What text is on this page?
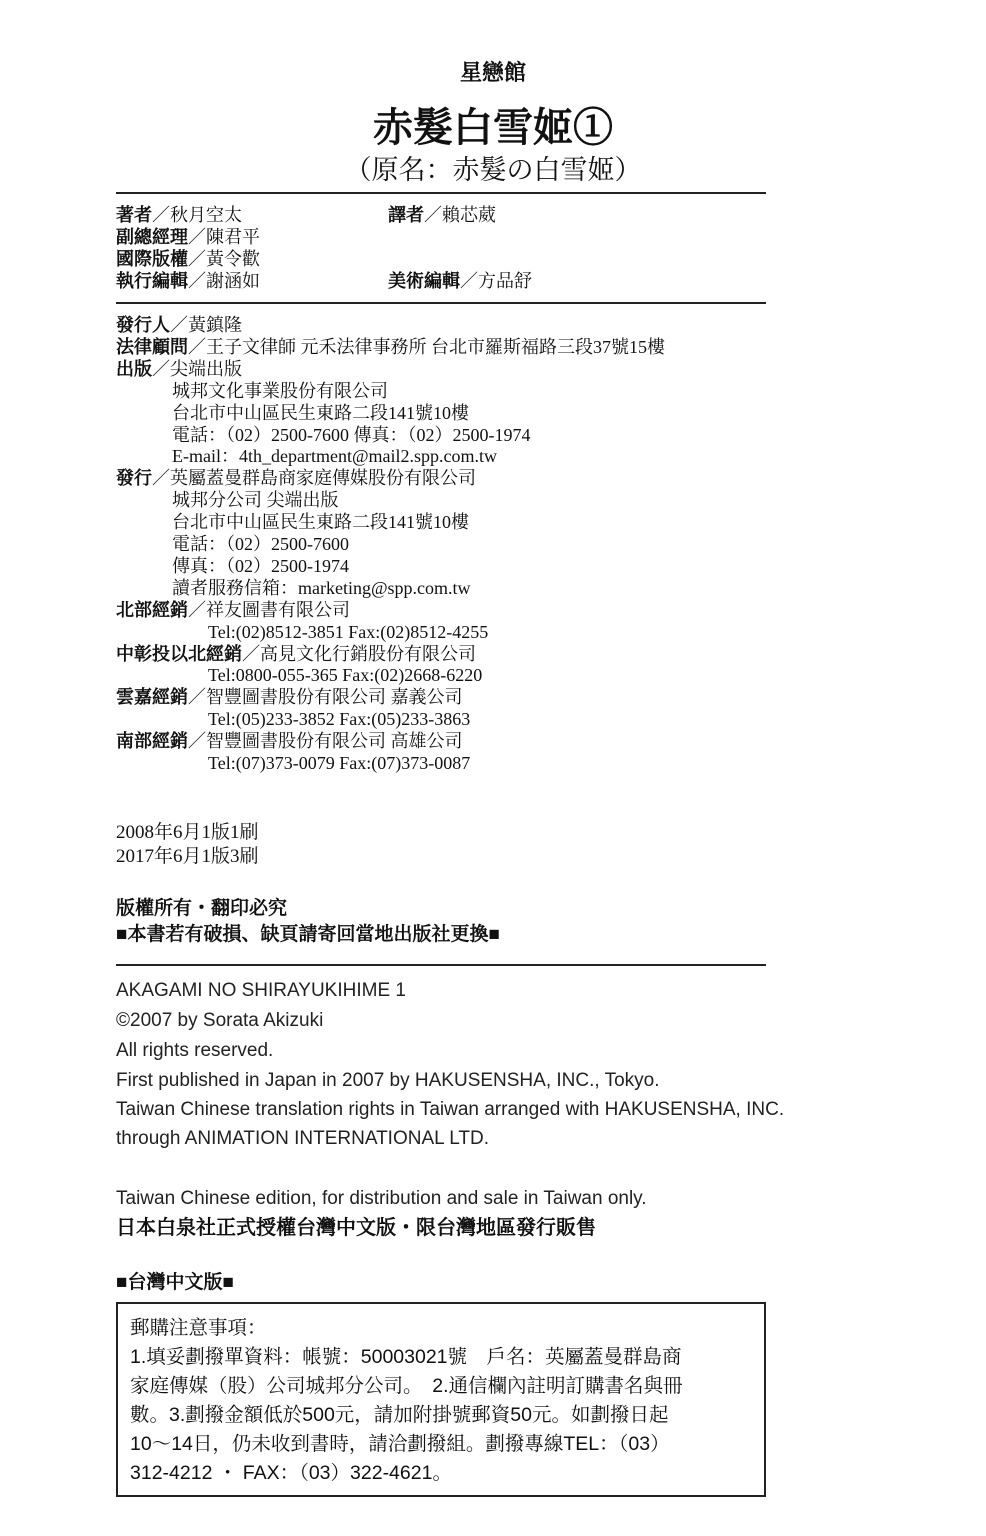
星戀館
赤髮白雪姬①
（原名：赤髮の白雪姬）
著者／秋月空太	譯者／賴芯葳
副總經理／陳君平
國際版權／黃令歡
執行編輯／謝涵如	美術編輯／方品舒
發行人／黃鎮隆
法律顧問／王子文律師 元禾法律事務所 台北市羅斯福路三段37號15樓
出版／尖端出版
城邦文化事業股份有限公司
台北市中山區民生東路二段141號10樓
電話：（02）2500-7600 傳真：（02）2500-1974
E-mail：4th_department@mail2.spp.com.tw
發行／英屬蓋曼群島商家庭傳媒股份有限公司
城邦分公司 尖端出版
台北市中山區民生東路二段141號10樓
電話：（02）2500-7600
傳真：（02）2500-1974
讀者服務信箱：marketing@spp.com.tw
北部經銷／祥友圖書有限公司
Tel:(02)8512-3851 Fax:(02)8512-4255
中彰投以北經銷／高見文化行銷股份有限公司
Tel:0800-055-365 Fax:(02)2668-6220
雲嘉經銷／智豐圖書股份有限公司 嘉義公司
Tel:(05)233-3852 Fax:(05)233-3863
南部經銷／智豐圖書股份有限公司 高雄公司
Tel:(07)373-0079 Fax:(07)373-0087
2008年6月1版1刷
2017年6月1版3刷
版權所有・翻印必究
■本書若有破損、缺頁請寄回當地出版社更換■
AKAGAMI NO SHIRAYUKIHIME 1
©2007 by Sorata Akizuki
All rights reserved.
First published in Japan in 2007 by HAKUSENSHA, INC., Tokyo.
Taiwan Chinese translation rights in Taiwan arranged with HAKUSENSHA, INC.
through ANIMATION INTERNATIONAL LTD.
Taiwan Chinese edition, for distribution and sale in Taiwan only.
日本白泉社正式授權台灣中文版・限台灣地區發行販售
■台灣中文版■
郵購注意事項：
1.填妥劃撥單資料：帳號：50003021號　戶名：英屬蓋曼群島商
家庭傳媒（股）公司城邦分公司。　2.通信欄內註明訂購書名與冊
數。3.劃撥金額低於500元，請加附掛號郵資50元。如劃撥日起
10～14日，仍未收到書時，請洽劃撥組。劃撥專線TEL：（03）
312-4212 ・ FAX：（03）322-4621。
